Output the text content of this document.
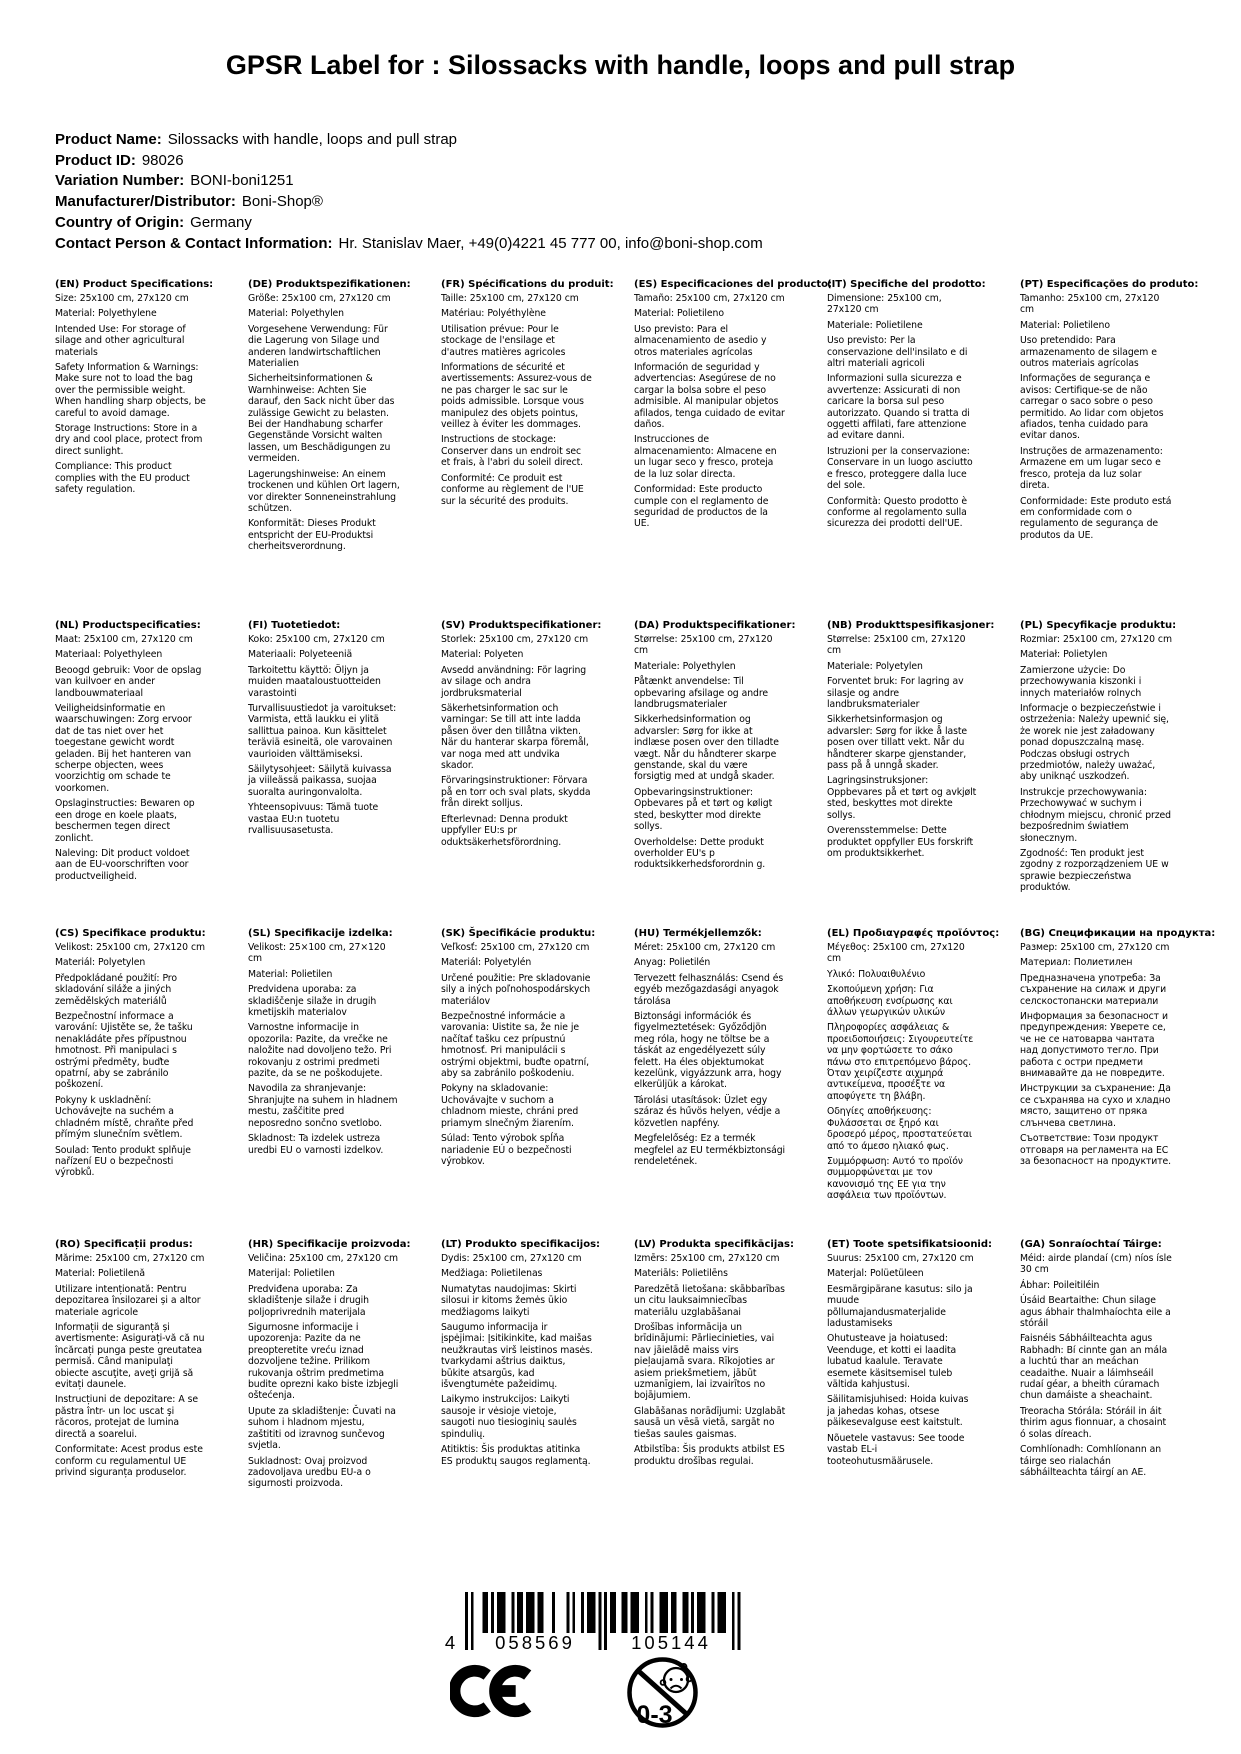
GPSR Label for : Silossacks with handle, loops and pull strap
Product Name: Silossacks with handle, loops and pull strap
Product ID: 98026
Variation Number: BONI-boni1251
Manufacturer/Distributor: Boni-Shop®
Country of Origin: Germany
Contact Person & Contact Information: Hr. Stanislav Maer, +49(0)4221 45 777 00, info@boni-shop.com
(EN) Product Specifications:

Size: 25x100 cm, 27x120 cm

Material: Polyethylene

Intended Use: For storage of silage and other agricultural materials

Safety Information & Warnings: Make sure not to load the bag over the permissible weight. When handling sharp objects, be careful to avoid damage.

Storage Instructions: Store in a dry and cool place, protect from direct sunlight.

Compliance: This product complies with the EU product safety regulation.

(DE) Produktspezifikationen:

Größe: 25x100 cm, 27x120 cm

Material: Polyethylen

Vorgesehene Verwendung: Für die Lagerung von Silage und anderen landwirtschaftlichen Materialien

Sicherheitsinformationen & Warnhinweise: Achten Sie darauf, den Sack nicht über das zulässige Gewicht zu belasten. Bei der Handhabung scharfer Gegenstände Vorsicht walten lassen, um Beschädigungen zu vermeiden.

Lagerungshinweise: An einem trockenen und kühlen Ort lagern, vor direkter Sonneneinstrahlung schützen.

Konformität: Dieses Produkt entspricht der EU-Produktsi cherheitsverordnung.

(FR) Spécifications du produit:

Taille: 25x100 cm, 27x120 cm

Matériau: Polyéthylène

Utilisation prévue: Pour le stockage de l'ensilage et d'autres matières agricoles

Informations de sécurité et avertissements: Assurez-vous de ne pas charger le sac sur le poids admissible. Lorsque vous manipulez des objets pointus, veillez à éviter les dommages.

Instructions de stockage: Conserver dans un endroit sec et frais, à l'abri du soleil direct.

Conformité: Ce produit est conforme au règlement de l'UE sur la sécurité des produits.

(ES) Especificaciones del producto:

Tamaño: 25x100 cm, 27x120 cm

Material: Polietileno

Uso previsto: Para el almacenamiento de asedio y otros materiales agrícolas

Información de seguridad y advertencias: Asegúrese de no cargar la bolsa sobre el peso admisible. Al manipular objetos afilados, tenga cuidado de evitar daños.

Instrucciones de almacenamiento: Almacene en un lugar seco y fresco, proteja de la luz solar directa.

Conformidad: Este producto cumple con el reglamento de seguridad de productos de la UE.

(IT) Specifiche del prodotto:

Dimensione: 25x100 cm, 27x120 cm

Materiale: Polietilene

Uso previsto: Per la conservazione dell'insilato e di altri materiali agricoli

Informazioni sulla sicurezza e avvertenze: Assicurati di non caricare la borsa sul peso autorizzato. Quando si tratta di oggetti affilati, fare attenzione ad evitare danni.

Istruzioni per la conservazione: Conservare in un luogo asciutto e fresco, proteggere dalla luce del sole.

Conformità: Questo prodotto è conforme al regolamento sulla sicurezza dei prodotti dell'UE.

(PT) Especificações do produto:

Tamanho: 25x100 cm, 27x120 cm

Material: Polietileno

Uso pretendido: Para armazenamento de silagem e outros materiais agrícolas

Informações de segurança e avisos: Certifique-se de não carregar o saco sobre o peso permitido. Ao lidar com objetos afiados, tenha cuidado para evitar danos.

Instruções de armazenamento: Armazene em um lugar seco e fresco, proteja da luz solar direta.

Conformidade: Este produto está em conformidade com o regulamento de segurança de produtos da UE.

(NL) Productspecificaties:

Maat: 25x100 cm, 27x120 cm

Materiaal: Polyethyleen

Beoogd gebruik: Voor de opslag van kuilvoer en ander landbouwmateriaal

Veiligheidsinformatie en waarschuwingen: Zorg ervoor dat de tas niet over het toegestane gewicht wordt geladen. Bij het hanteren van scherpe objecten, wees voorzichtig om schade te voorkomen.

Opslaginstructies: Bewaren op een droge en koele plaats, beschermen tegen direct zonlicht.

Naleving: Dit product voldoet aan de EU-voorschriften voor productveiligheid.

(FI) Tuotetiedot:

Koko: 25x100 cm, 27x120 cm

Materiaali: Polyeteeniä

Tarkoitettu käyttö: Öljyn ja muiden maataloustuotteiden varastointi

Turvallisuustiedot ja varoitukset: Varmista, että laukku ei ylitä sallittua painoa. Kun käsittelet teräviä esineitä, ole varovainen vaurioiden välttämiseksi.

Säilytysohjeet: Säilytä kuivassa ja viileässä paikassa, suojaa suoralta auringonvalolta.

Yhteensopivuus: Tämä tuote vastaa EU:n tuotetu rvallisuusasetusta.

(SV) Produktspecifikationer:

Storlek: 25x100 cm, 27x120 cm

Material: Polyeten

Avsedd användning: För lagring av silage och andra jordbruksmaterial

Säkerhetsinformation och varningar: Se till att inte ladda påsen över den tillåtna vikten. När du hanterar skarpa föremål, var noga med att undvika skador.

Förvaringsinstruktioner: Förvara på en torr och sval plats, skydda från direkt solljus.

Efterlevnad: Denna produkt uppfyller EU:s pr oduktsäkerhetsförordning.

(DA) Produktspecifikationer:

Størrelse: 25x100 cm, 27x120 cm

Materiale: Polyethylen

Påtænkt anvendelse: Til opbevaring afsilage og andre landbrugsmaterialer

Sikkerhedsinformation og advarsler: Sørg for ikke at indlæse posen over den tilladte vægt. Når du håndterer skarpe genstande, skal du være forsigtig med at undgå skader.

Opbevaringsinstruktioner: Opbevares på et tørt og køligt sted, beskytter mod direkte sollys.

Overholdelse: Dette produkt overholder EU's p roduktsikkerhedsforordnin g.

(NB) Produkttspesifikasjoner:

Størrelse: 25x100 cm, 27x120 cm

Materiale: Polyetylen

Forventet bruk: For lagring av silasje og andre landbruksmaterialer

Sikkerhetsinformasjon og advarsler: Sørg for ikke å laste posen over tillatt vekt. Når du håndterer skarpe gjenstander, pass på å unngå skader.

Lagringsinstruksjoner: Oppbevares på et tørt og avkjølt sted, beskyttes mot direkte sollys.

Overensstemmelse: Dette produktet oppfyller EUs forskrift om produktsikkerhet.

(PL) Specyfikacje produktu:

Rozmiar: 25x100 cm, 27x120 cm

Materiał: Polietylen

Zamierzone użycie: Do przechowywania kiszonki i innych materiałów rolnych

Informacje o bezpieczeństwie i ostrzeżenia: Należy upewnić się, że worek nie jest załadowany ponad dopuszczalną masę. Podczas obsługi ostrych przedmiotów, należy uważać, aby uniknąć uszkodzeń.

Instrukcje przechowywania: Przechowywać w suchym i chłodnym miejscu, chronić przed bezpośrednim światłem słonecznym.

Zgodność: Ten produkt jest zgodny z rozporządzeniem UE w sprawie bezpieczeństwa produktów.

(CS) Specifikace produktu:

Velikost: 25x100 cm, 27x120 cm

Materiál: Polyetylen

Předpokládané použití: Pro skladování siláže a jiných zemědělských materiálů

Bezpečnostní informace a varování: Ujistěte se, že tašku nenakládáte přes přípustnou hmotnost. Při manipulaci s ostrými předměty, buďte opatrní, aby se zabránilo poškození.

Pokyny k uskladnění: Uchovávejte na suchém a chladném místě, chraňte před přímým slunečním světlem.

Soulad: Tento produkt splňuje nařízení EU o bezpečnosti výrobků.

(SL) Specifikacije izdelka:

Velikost: 25×100 cm, 27×120 cm

Material: Polietilen

Predvidena uporaba: za skladiščenje silaže in drugih kmetijskih materialov

Varnostne informacije in opozorila: Pazite, da vrečke ne naložite nad dovoljeno težo. Pri rokovanju z ostrimi predmeti pazite, da se ne poškodujete.

Navodila za shranjevanje: Shranjujte na suhem in hladnem mestu, zaščitite pred neposredno sončno svetlobo.

Skladnost: Ta izdelek ustreza uredbi EU o varnosti izdelkov.

(SK) Špecifikácie produktu:

Veľkosť: 25x100 cm, 27x120 cm

Materiál: Polyetylén

Určené použitie: Pre skladovanie sily a iných poľnohospodárskych materiálov

Bezpečnostné informácie a varovania: Uistite sa, že nie je načítať tašku cez prípustnú hmotnosť. Pri manipulácii s ostrými objektmi, buďte opatrní, aby sa zabránilo poškodeniu.

Pokyny na skladovanie: Uchovávajte v suchom a chladnom mieste, chráni pred priamym slnečným žiarením.

Súlad: Tento výrobok spĺňa nariadenie EÚ o bezpečnosti výrobkov.

(HU) Termékjellemzők:

Méret: 25x100 cm, 27x120 cm

Anyag: Polietilén

Tervezett felhasználás: Csend és egyéb mezőgazdasági anyagok tárolása

Biztonsági információk és figyelmeztetések: Győződjön meg róla, hogy ne töltse be a táskát az engedélyezett súly felett. Ha éles objektumokat kezelünk, vigyázzunk arra, hogy elkerüljük a károkat.

Tárolási utasítások: Üzlet egy száraz és hűvös helyen, védje a közvetlen napfény.

Megfelelőség: Ez a termék megfelel az EU termékbiztonsági rendeletének.

(EL) Προδιαγραφές προϊόντος:

Μέγεθος: 25x100 cm, 27x120 cm

Υλικό: Πολυαιθυλένιο

Σκοπούμενη χρήση: Για αποθήκευση ενσίρωσης και άλλων γεωργικών υλικών

Πληροφορίες ασφάλειας & προειδοποιήσεις: Σιγουρευτείτε να μην φορτώσετε το σάκο πάνω στο επιτρεπόμενο βάρος. Όταν χειρίζεστε αιχμηρά αντικείμενα, προσέξτε να αποφύγετε τη βλάβη.

Οδηγίες αποθήκευσης: Φυλάσσεται σε ξηρό και δροσερό μέρος, προστατεύεται από το άμεσο ηλιακό φως.

Συμμόρφωση: Αυτό το προϊόν συμμορφώνεται με τον κανονισμό της ΕΕ για την ασφάλεια των προϊόντων.

(BG) Спецификации на продукта:

Размер: 25x100 cm, 27x120 cm

Материал: Полиетилен

Предназначена употреба: За съхранение на силаж и други селскостопански материали

Информация за безопасност и предупреждения: Уверете се, че не се натоварва чантата над допустимото тегло. При работа с остри предмети внимавайте да не повредите.

Инструкции за съхранение: Да се съхранява на сухо и хладно място, защитено от пряка слънчева светлина.

Съответствие: Този продукт отговаря на регламента на ЕС за безопасност на продуктите.

(RO) Specificații produs:

Mărime: 25x100 cm, 27x120 cm

Material: Polietilenă

Utilizare intenționată: Pentru depozitarea însilozarei și a altor materiale agricole

Informații de siguranță și avertismente: Asigurați-vă că nu încărcați punga peste greutatea permisă. Când manipulaţi obiecte ascuţite, aveţi grijă să evitați daunele.

Instrucțiuni de depozitare: A se păstra într- un loc uscat şi răcoros, protejat de lumina directă a soarelui.

Conformitate: Acest produs este conform cu regulamentul UE privind siguranța produselor.

(HR) Specifikacije proizvoda:

Veličina: 25x100 cm, 27x120 cm

Materijal: Polietilen

Predviđena uporaba: Za skladištenje silaže i drugih poljoprivrednih materijala

Sigurnosne informacije i upozorenja: Pazite da ne preopteretite vreću iznad dozvoljene težine. Prilikom rukovanja oštrim predmetima budite oprezni kako biste izbjegli oštećenja.

Upute za skladištenje: Čuvati na suhom i hladnom mjestu, zaštititi od izravnog sunčevog svjetla.

Sukladnost: Ovaj proizvod zadovoljava uredbu EU-a o sigurnosti proizvoda.

(LT) Produkto specifikacijos:

Dydis: 25x100 cm, 27x120 cm

Medžiaga: Polietilenas

Numatytas naudojimas: Skirti silosui ir kitoms žemės ūkio medžiagoms laikyti

Saugumo informacija ir įspėjimai: Įsitikinkite, kad maišas neužkrautas virš leistinos masės. tvarkydami aštrius daiktus, būkite atsargūs, kad išvengtumėte pažeidimų.

Laikymo instrukcijos: Laikyti sausoje ir vėsioje vietoje, saugoti nuo tiesioginių saulės spindulių.

Atitiktis: Šis produktas atitinka ES produktų saugos reglamentą.

(LV) Produkta specifikācijas:

Izmērs: 25x100 cm, 27x120 cm

Materiāls: Polietilēns

Paredzētā lietošana: skābbarības un citu lauksaimniecības materiālu uzglabāšanai

Drošības informācija un brīdinājumi: Pārliecinieties, vai nav jāielādē maiss virs pieļaujamā svara. Rīkojoties ar asiem priekšmetiem, jābūt uzmanīgiem, lai izvairītos no bojājumiem.

Glabāšanas norādījumi: Uzglabāt sausā un vēsā vietā, sargāt no tiešas saules gaismas.

Atbilstība: Šis produkts atbilst ES produktu drošības regulai.

(ET) Toote spetsifikatsioonid:

Suurus: 25x100 cm, 27x120 cm

Materjal: Polüetüleen

Eesmärgipärane kasutus: silo ja muude põllumajandusmaterjalide ladustamiseks

Ohutusteave ja hoiatused: Veenduge, et kotti ei laadita lubatud kaalule. Teravate esemete käsitsemisel tuleb vältida kahjustusi.

Säilitamisjuhised: Hoida kuivas ja jahedas kohas, otsese päikesevalguse eest kaitstult.

Nõuetele vastavus: See toode vastab EL-i tooteohutusmäärusele.

(GA) Sonraíochtaí Táirge:

Méid: airde plandaí (cm) níos ísle 30 cm

Ábhar: Poileitiléin

Úsáid Beartaithe: Chun silage agus ábhair thalmhaíochta eile a stóráil

Faisnéis Sábháilteachta agus Rabhadh: Bí cinnte gan an mála a luchtú thar an meáchan ceadaithe. Nuair a láimhseáil rudaí géar, a bheith cúramach chun damáiste a sheachaint.

Treoracha Stórála: Stóráil in áit thirim agus fionnuar, a chosaint ó solas díreach.

Comhlíonadh: Comhlíonann an táirge seo rialachán sábháilteachta táirgí an AE.

4 058569	105144
0-3
